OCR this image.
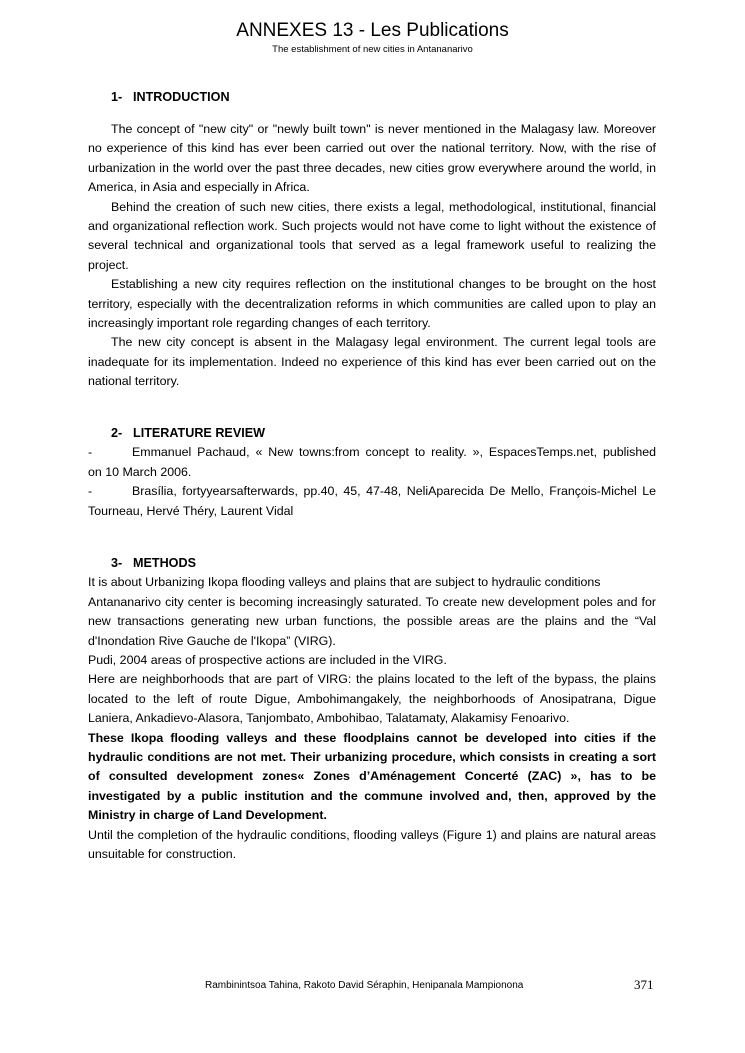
ANNEXES 13 - Les Publications
The establishment of new cities in Antananarivo
1- INTRODUCTION

The concept of "new city" or "newly built town" is never mentioned in the Malagasy law. Moreover no experience of this kind has ever been carried out over the national territory. Now, with the rise of urbanization in the world over the past three decades, new cities grow everywhere around the world, in America, in Asia and especially in Africa.

Behind the creation of such new cities, there exists a legal, methodological, institutional, financial and organizational reflection work. Such projects would not have come to light without the existence of several technical and organizational tools that served as a legal framework useful to realizing the project.

Establishing a new city requires reflection on the institutional changes to be brought on the host territory, especially with the decentralization reforms in which communities are called upon to play an increasingly important role regarding changes of each territory.

The new city concept is absent in the Malagasy legal environment. The current legal tools are inadequate for its implementation. Indeed no experience of this kind has ever been carried out on the national territory.

2- LITERATURE REVIEW
-	Emmanuel Pachaud, « New towns:from concept to reality. », EspacesTemps.net, published

on 10 March 2006.

-	Brasília, fortyyearsafterwards, pp.40, 45, 47-48, NeliAparecida De Mello, François-Michel Le

Tourneau, Hervé Théry, Laurent Vidal

3- METHODS

It is about Urbanizing Ikopa flooding valleys and plains that are subject to hydraulic conditions

Antananarivo city center is becoming increasingly saturated. To create new development poles and for new transactions generating new urban functions, the possible areas are the plains and the “Val d'Inondation Rive Gauche de l'Ikopa” (VIRG).

Pudi, 2004 areas of prospective actions are included in the VIRG.

Here are neighborhoods that are part of VIRG: the plains located to the left of the bypass, the plains located to the left of route Digue, Ambohimangakely, the neighborhoods of Anosipatrana, Digue Laniera, Ankadievo-Alasora, Tanjombato, Ambohibao, Talatamaty, Alakamisy Fenoarivo.

These Ikopa flooding valleys and these floodplains cannot be developed into cities if the hydraulic conditions are not met. Their urbanizing procedure, which consists in creating a sort of consulted development zones« Zones d’Aménagement Concerté (ZAC) », has to be investigated by a public institution and the commune involved and, then, approved by the Ministry in charge of Land Development.

Until the completion of the hydraulic conditions, flooding valleys (Figure 1) and plains are natural areas unsuitable for construction.

Rambinintsoa Tahina, Rakoto David Séraphin, Henipanala Mampionona	371
